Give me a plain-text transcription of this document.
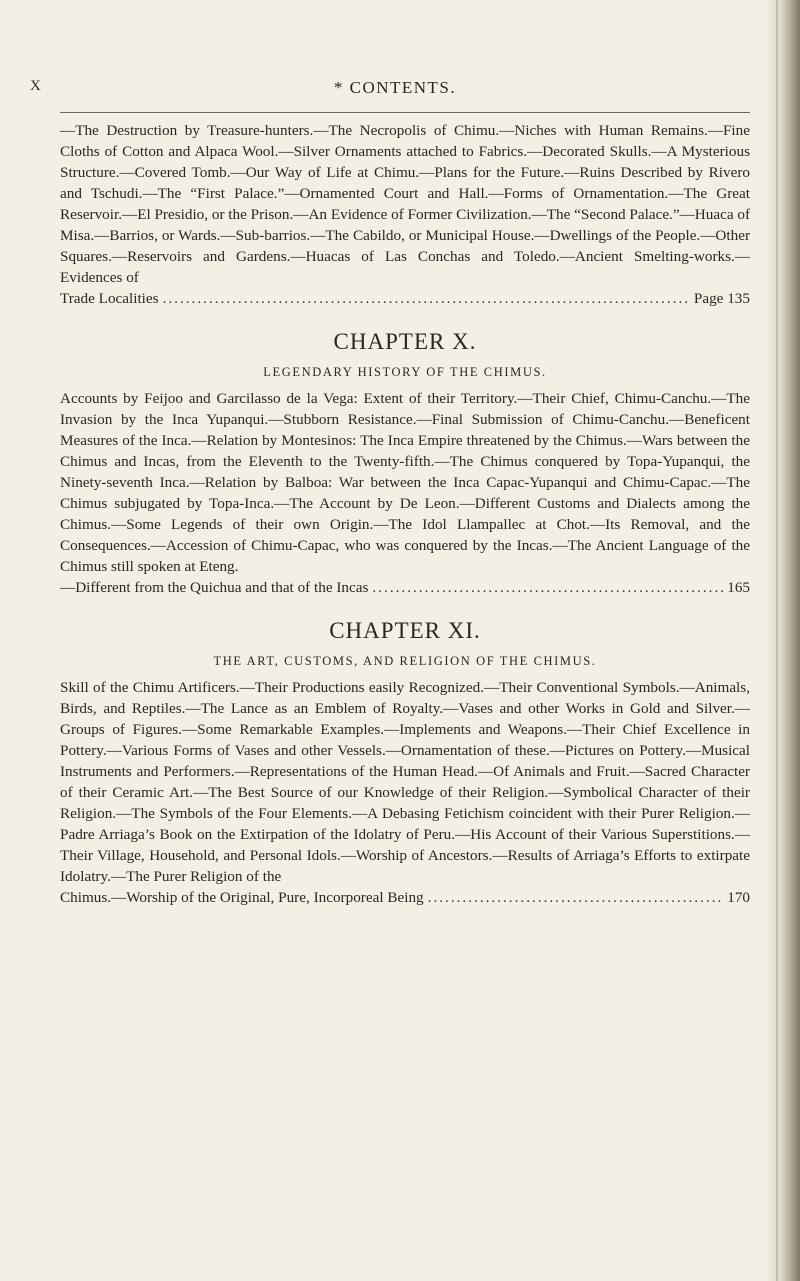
X	* CONTENTS.

—The Destruction by Treasure-hunters.—The Necropolis of Chimu.—Niches with Human Remains.—Fine Cloths of Cotton and Alpaca Wool.—Silver Ornaments attached to Fabrics.—Decorated Skulls.—A Mysterious Structure.—Covered Tomb.—Our Way of Life at Chimu.—Plans for the Future.—Ruins Described by Rivero and Tschudi.—The “First Palace.”—Ornamented Court and Hall.—Forms of Ornamentation.—The Great Reservoir.—El Presidio, or the Prison.—An Evidence of Former Civilization.—The “Second Palace.”—Huaca of Misa.—Barrios, or Wards.—Sub-barrios.—The Cabildo, or Municipal House.—Dwellings of the People.—Other Squares.—Reservoirs and Gardens.—Huacas of Las Conchas and Toledo.—Ancient Smelting-works.—Evidences of

Trade Localities .....	Page 135
CHAPTER X.
LEGENDARY HISTORY OF THE CHIMUS.

Accounts by Feijoo and Garcilasso de la Vega: Extent of their Territory.—Their Chief, Chimu-Canchu.—The Invasion by the Inca Yupanqui.—Stubborn Resistance.—Final Submission of Chimu-Canchu.—Beneficent Measures of the Inca.—Relation by Montesinos: The Inca Empire threatened by the Chimus.—Wars between the Chimus and Incas, from the Eleventh to the Twenty-fifth.—The Chimus conquered by Topa-Yupanqui, the Ninety-seventh Inca.—Relation by Balboa: War between the Inca Capac-Yupanqui and Chimu-Capac.—The Chimus subjugated by Topa-Inca.—The Account by De Leon.—Different Customs and Dialects among the Chimus.—Some Legends of their own Origin.—The Idol Llampallec at Chot.—Its Removal, and the Consequences.—Accession of Chimu-Capac, who was conquered by the Incas.—The Ancient Language of the Chimus still spoken at Eteng.

—Different from the Quichua and that of the Incas .....	165
CHAPTER XI.
THE ART, CUSTOMS, AND RELIGION OF THE CHIMUS.

Skill of the Chimu Artificers.—Their Productions easily Recognized.—Their Conventional Symbols.—Animals, Birds, and Reptiles.—The Lance as an Emblem of Royalty.—Vases and other Works in Gold and Silver.—Groups of Figures.—Some Remarkable Examples.—Implements and Weapons.—Their Chief Excellence in Pottery.—Various Forms of Vases and other Vessels.—Ornamentation of these.—Pictures on Pottery.—Musical Instruments and Performers.—Representations of the Human Head.—Of Animals and Fruit.—Sacred Character of their Ceramic Art.—The Best Source of our Knowledge of their Religion.—Symbolical Character of their Religion.—The Symbols of the Four Elements.—A Debasing Fetichism coincident with their Purer Religion.—Padre Arriaga’s Book on the Extirpation of the Idolatry of Peru.—His Account of their Various Superstitions.—Their Village, Household, and Personal Idols.—Worship of Ancestors.—Results of Arriaga’s Efforts to extirpate Idolatry.—The Purer Religion of the

Chimus.—Worship of the Original, Pure, Incorporeal Being .....	170
